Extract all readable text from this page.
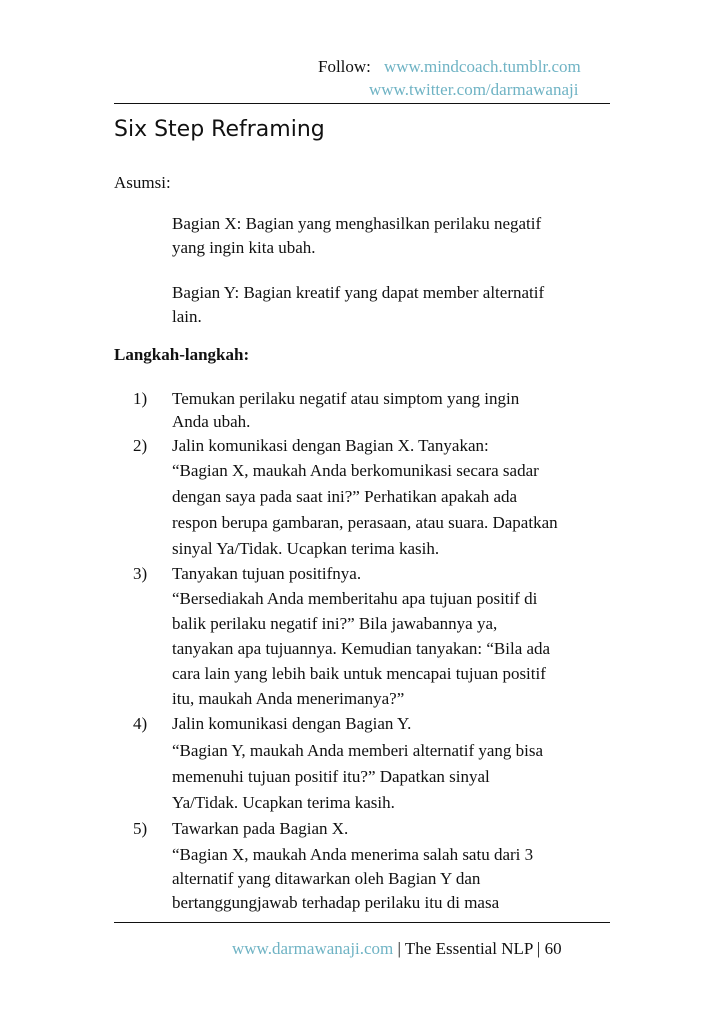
Follow: www.mindcoach.tumblr.com
www.twitter.com/darmawanaji
Six Step Reframing
Asumsi:
Bagian X: Bagian yang menghasilkan perilaku negatif
yang ingin kita ubah.
Bagian Y: Bagian kreatif yang dapat member alternatif
lain.
Langkah-langkah:
1)
2)
3)
4)
5)
Temukan perilaku negatif atau simptom yang ingin
Anda ubah.
Jalin komunikasi dengan Bagian X. Tanyakan:
“Bagian X, maukah Anda berkomunikasi secara sadar
dengan saya pada saat ini?” Perhatikan apakah ada
respon berupa gambaran, perasaan, atau suara. Dapatkan
sinyal Ya/Tidak. Ucapkan terima kasih.
Tanyakan tujuan positifnya.
“Bersediakah Anda memberitahu apa tujuan positif di
balik perilaku negatif ini?” Bila jawabannya ya,
tanyakan apa tujuannya. Kemudian tanyakan: “Bila ada
cara lain yang lebih baik untuk mencapai tujuan positif
itu, maukah Anda menerimanya?”
Jalin komunikasi dengan Bagian Y.
“Bagian Y, maukah Anda memberi alternatif yang bisa
memenuhi tujuan positif itu?” Dapatkan sinyal
Ya/Tidak. Ucapkan terima kasih.
Tawarkan pada Bagian X.
“Bagian X, maukah Anda menerima salah satu dari 3
alternatif yang ditawarkan oleh Bagian Y dan
bertanggungjawab terhadap perilaku itu di masa
www.darmawanaji.com | The Essential NLP | 60
